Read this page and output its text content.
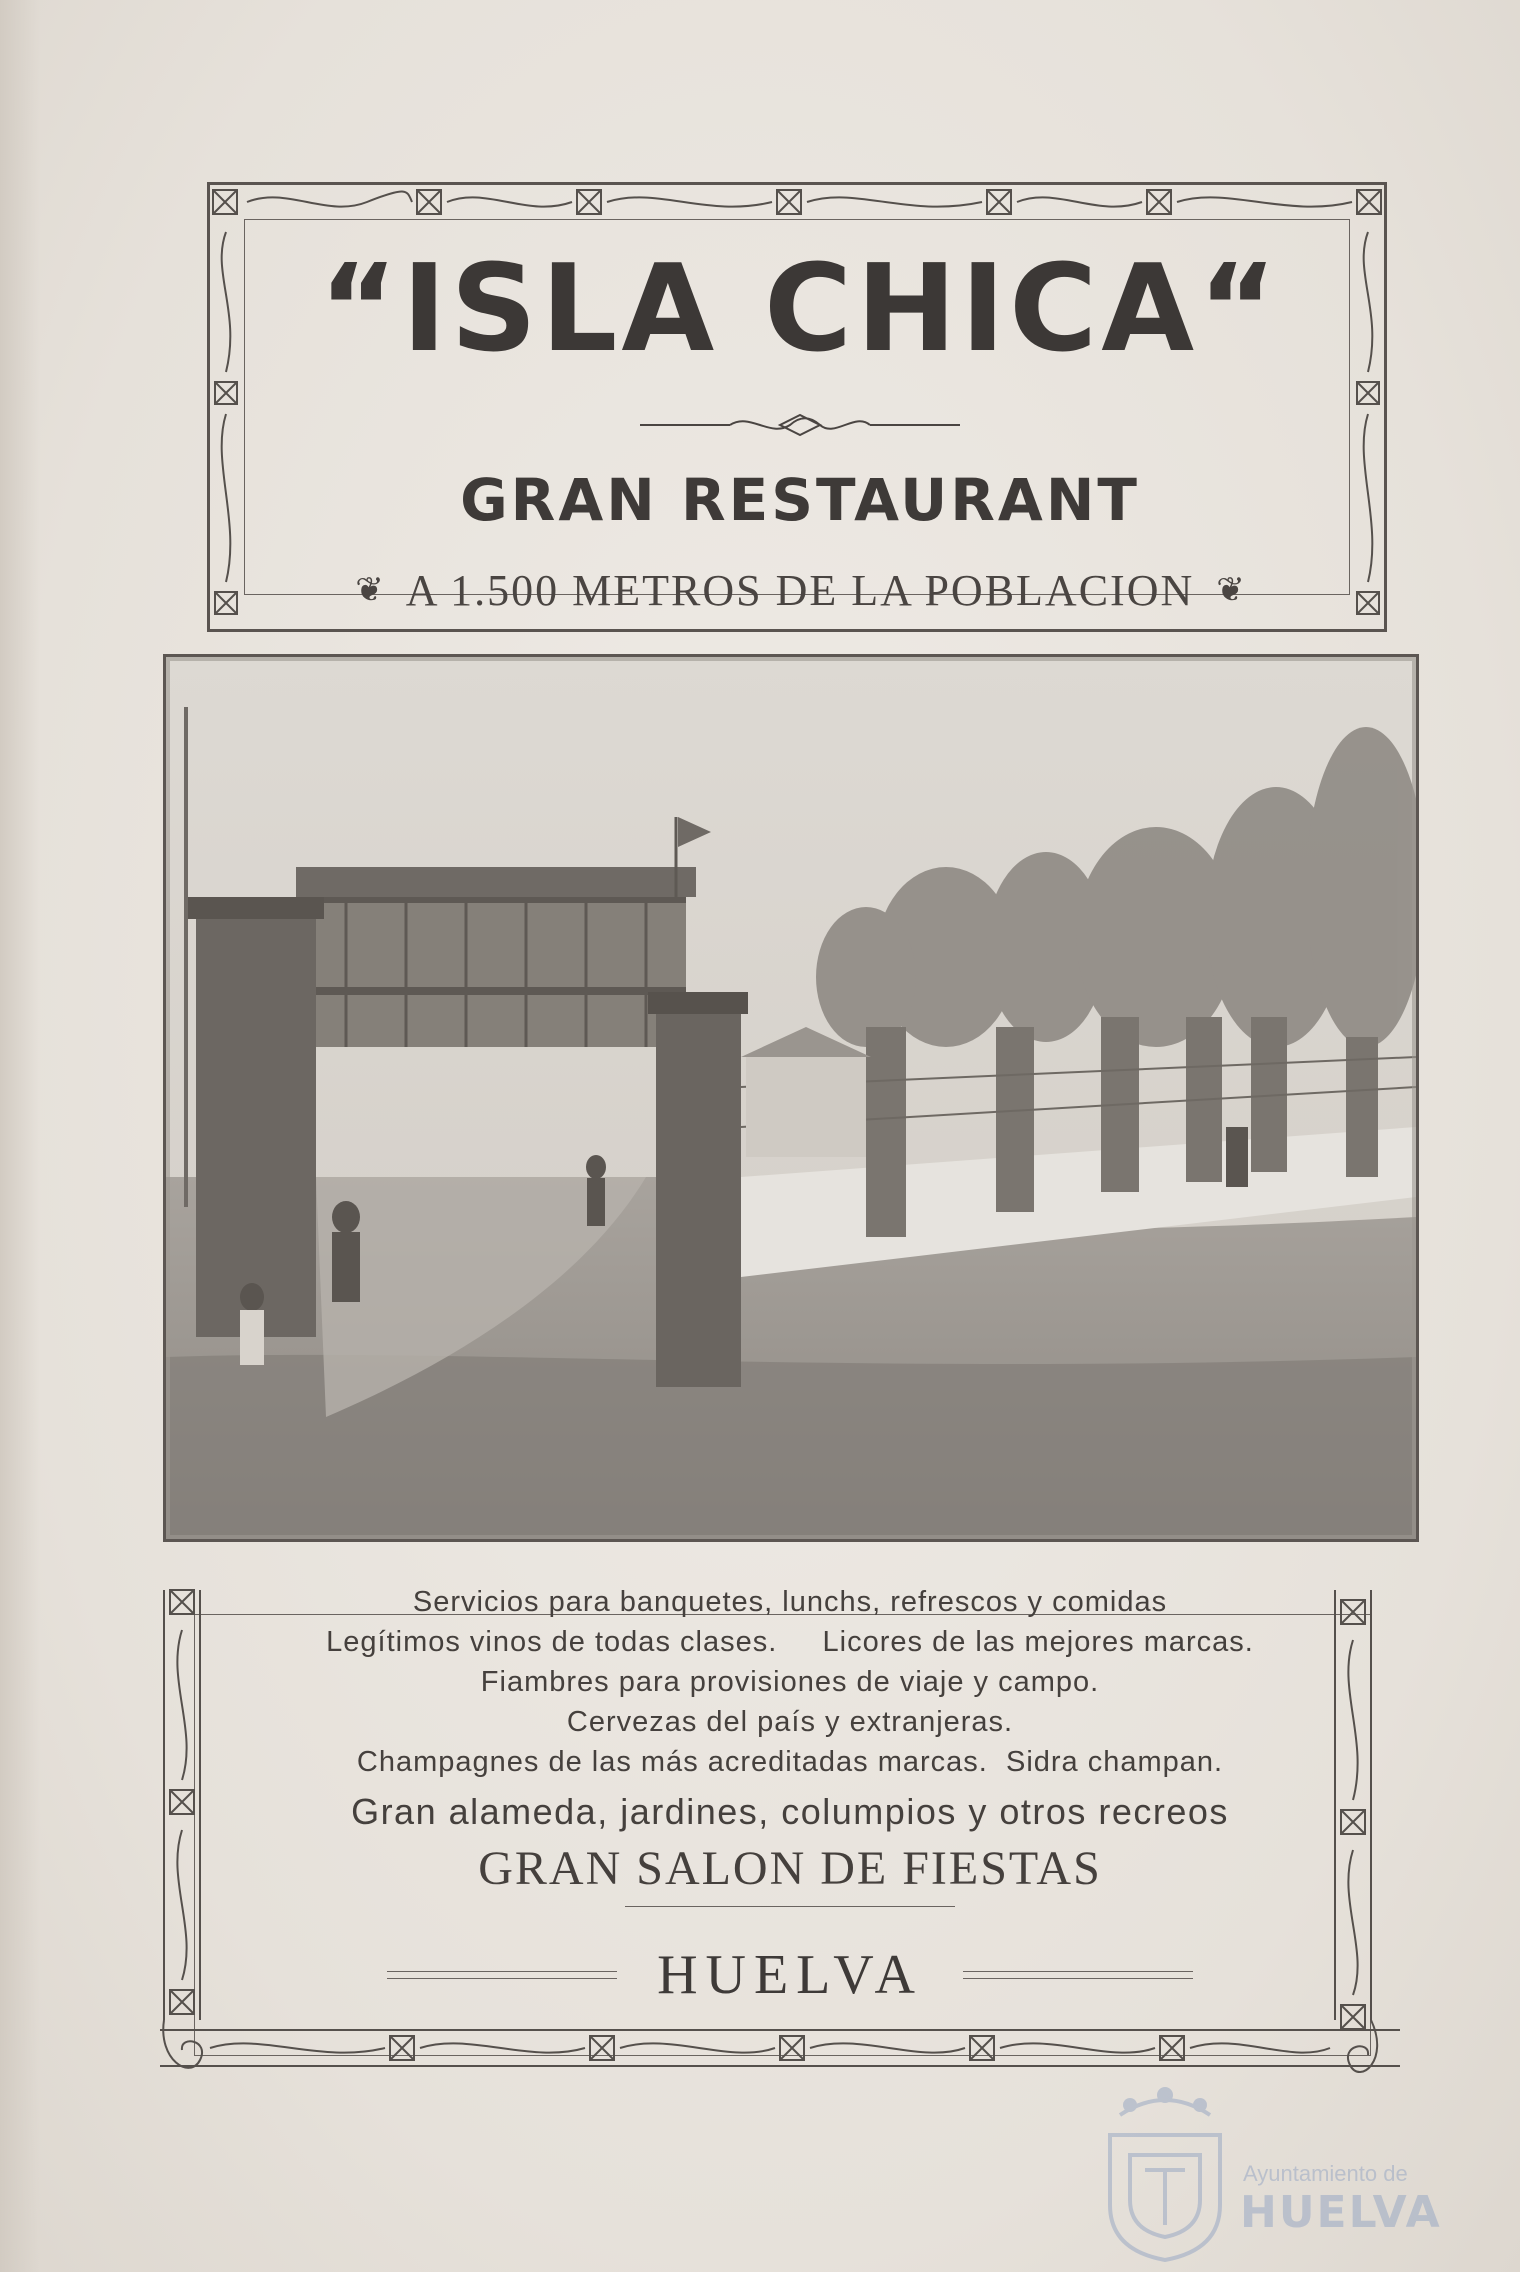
“ISLA CHICA“
GRAN RESTAURANT
❦ A 1.500 METROS DE LA POBLACION ❦
Servicios para banquetes, lunchs, refrescos y comidas
Legítimos vinos de todas clases.     Licores de las mejores marcas.
Fiambres para provisiones de viaje y campo.
Cervezas del país y extranjeras.
Champagnes de las más acreditadas marcas.  Sidra champan.
Gran alameda, jardines, columpios y otros recreos
GRAN SALON DE FIESTAS
HUELVA
Ayuntamiento de
HUELVA
